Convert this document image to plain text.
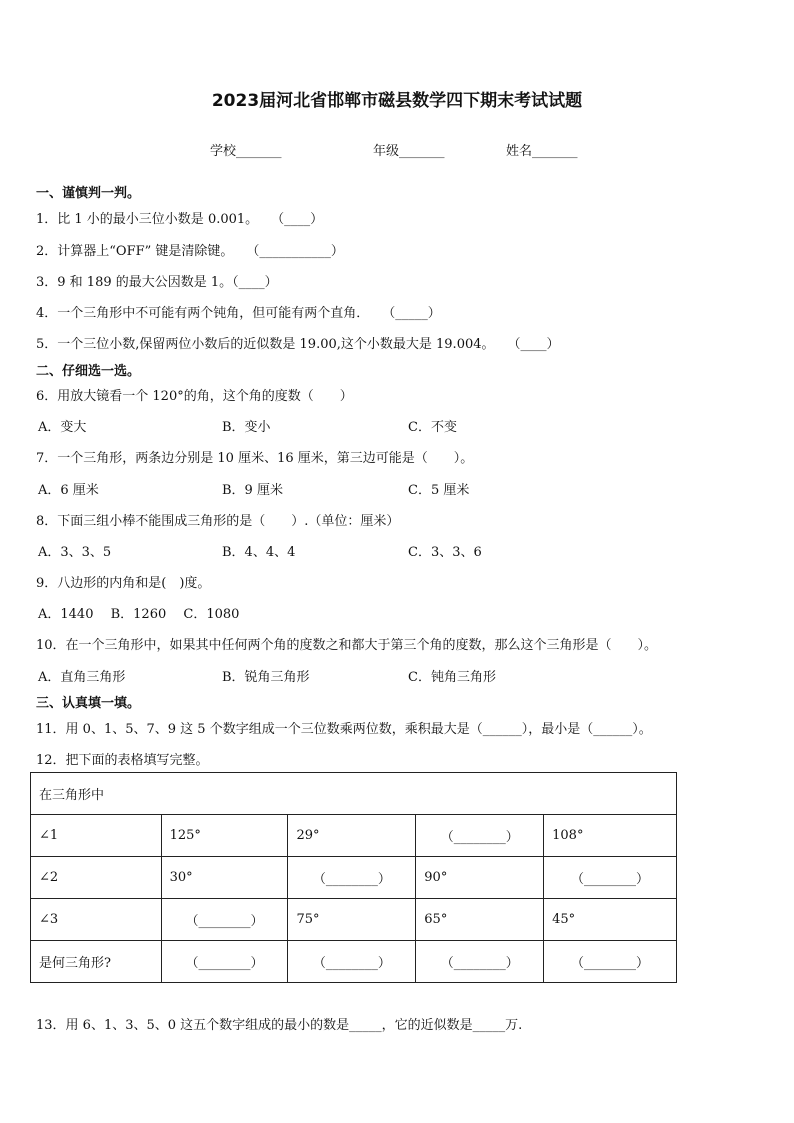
2023届河北省邯郸市磁县数学四下期末考试试题
学校_______	年级_______	姓名_______
一、谨慎判一判。
1．比 1 小的最小三位小数是 0.001。　　（____）
2．计算器上“OFF” 键是清除键。　　（___________）
3．9 和 189 的最大公因数是 1。（____）
4．一个三角形中不可能有两个钝角，但可能有两个直角．　　（_____）
5．一个三位小数,保留两位小数后的近似数是 19.00,这个小数最大是 19.004。　　（____）
二、仔细选一选。
6．用放大镜看一个 120°的角，这个角的度数（　　）
A．变大	B．变小	C．不变
7．一个三角形，两条边分别是 10 厘米、16 厘米，第三边可能是（　　）。
A．6 厘米	B．9 厘米	C．5 厘米
8．下面三组小棒不能围成三角形的是（　　）.（单位：厘米）
A．3、3、5	B．4、4、4	C．3、3、6
9．八边形的内角和是(　)度。
A．1440　 B．1260　 C．1080
10．在一个三角形中，如果其中任何两个角的度数之和都大于第三个角的度数，那么这个三角形是（　　）。
A．直角三角形	B．锐角三角形	C．钝角三角形
三、认真填一填。
11．用 0、1、5、7、9 这 5 个数字组成一个三位数乘两位数，乘积最大是（______），最小是（______）。
12．把下面的表格填写完整。
在三角形中				
∠1	125°	29°	（________）	108°
∠2	30°	（________）	90°	（________）
∠3	（________）	75°	65°	45°
是何三角形?	（________）	（________）	（________）	（________）
13．用 6、1、3、5、0 这五个数字组成的最小的数是_____，它的近似数是_____万.
